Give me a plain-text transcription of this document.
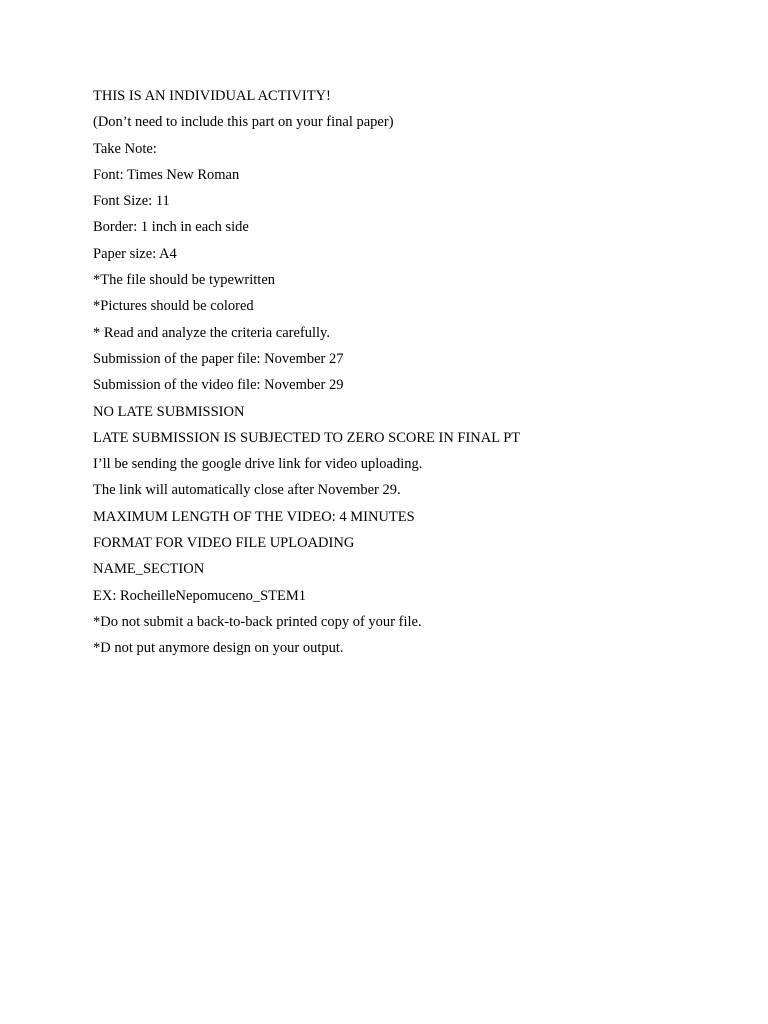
THIS IS AN INDIVIDUAL ACTIVITY!
(Don’t need to include this part on your final paper)
Take Note:
Font: Times New Roman
Font Size: 11
Border: 1 inch in each side
Paper size: A4
*The file should be typewritten
*Pictures should be colored
* Read and analyze the criteria carefully.
Submission of the paper file: November 27
Submission of the video file: November 29
NO LATE SUBMISSION
LATE SUBMISSION IS SUBJECTED TO ZERO SCORE IN FINAL PT
I’ll be sending the google drive link for video uploading.
The link will automatically close after November 29.
MAXIMUM LENGTH OF THE VIDEO: 4 MINUTES
FORMAT FOR VIDEO FILE UPLOADING
NAME_SECTION
EX: RocheilleNepomuceno_STEM1
*Do not submit a back-to-back printed copy of your file.
*D not put anymore design on your output.
